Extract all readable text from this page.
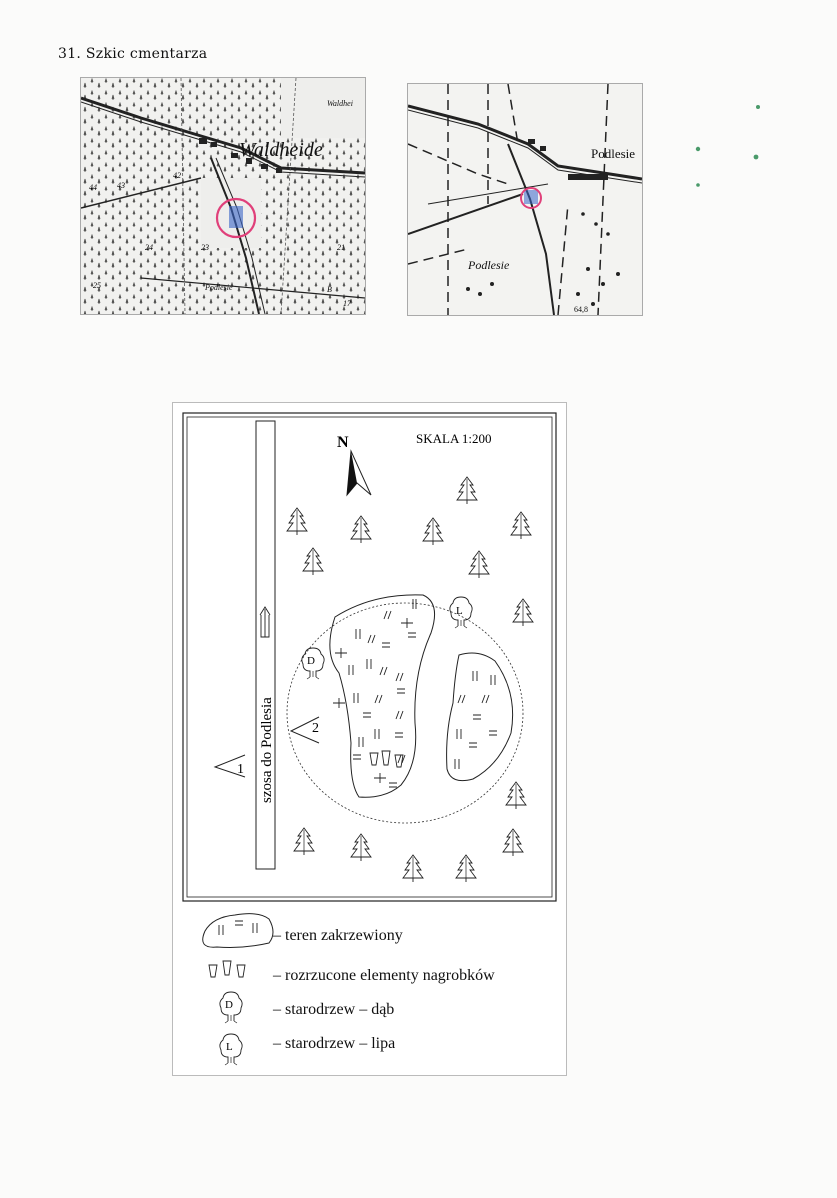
31. Szkic cmentarza
Waldheide
Waldhei
Podlesie
44	43
42
24	23	21
25
17
B
Podlesie
Podlesie
64,8
N	SKALA 1:200
D
L
1
2
szosa do Podlesia
D
L
– teren zakrzewiony
– rozrzucone elementy nagrobków
– starodrzew – dąb
– starodrzew – lipa
